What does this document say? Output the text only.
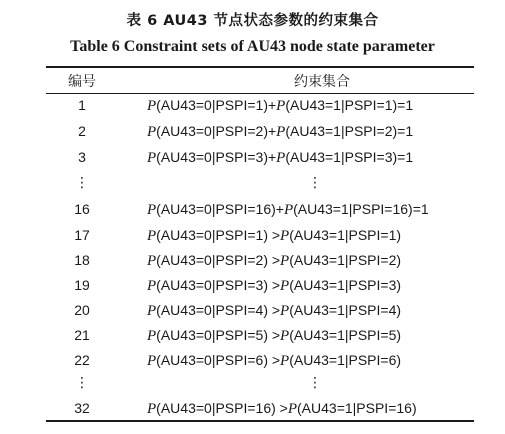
表 6 AU43 节点状态参数的约束集合
Table 6 Constraint sets of AU43 node state parameter
编号	约束集合
1	P(AU43=0|PSPI=1)+P(AU43=1|PSPI=1)=1
2	P(AU43=0|PSPI=2)+P(AU43=1|PSPI=2)=1
3	P(AU43=0|PSPI=3)+P(AU43=1|PSPI=3)=1
⋮	⋮
16	P(AU43=0|PSPI=16)+P(AU43=1|PSPI=16)=1
17	P(AU43=0|PSPI=1) >P(AU43=1|PSPI=1)
18	P(AU43=0|PSPI=2) >P(AU43=1|PSPI=2)
19	P(AU43=0|PSPI=3) >P(AU43=1|PSPI=3)
20	P(AU43=0|PSPI=4) >P(AU43=1|PSPI=4)
21	P(AU43=0|PSPI=5) >P(AU43=1|PSPI=5)
22	P(AU43=0|PSPI=6) >P(AU43=1|PSPI=6)
⋮	⋮
32	P(AU43=0|PSPI=16) >P(AU43=1|PSPI=16)
